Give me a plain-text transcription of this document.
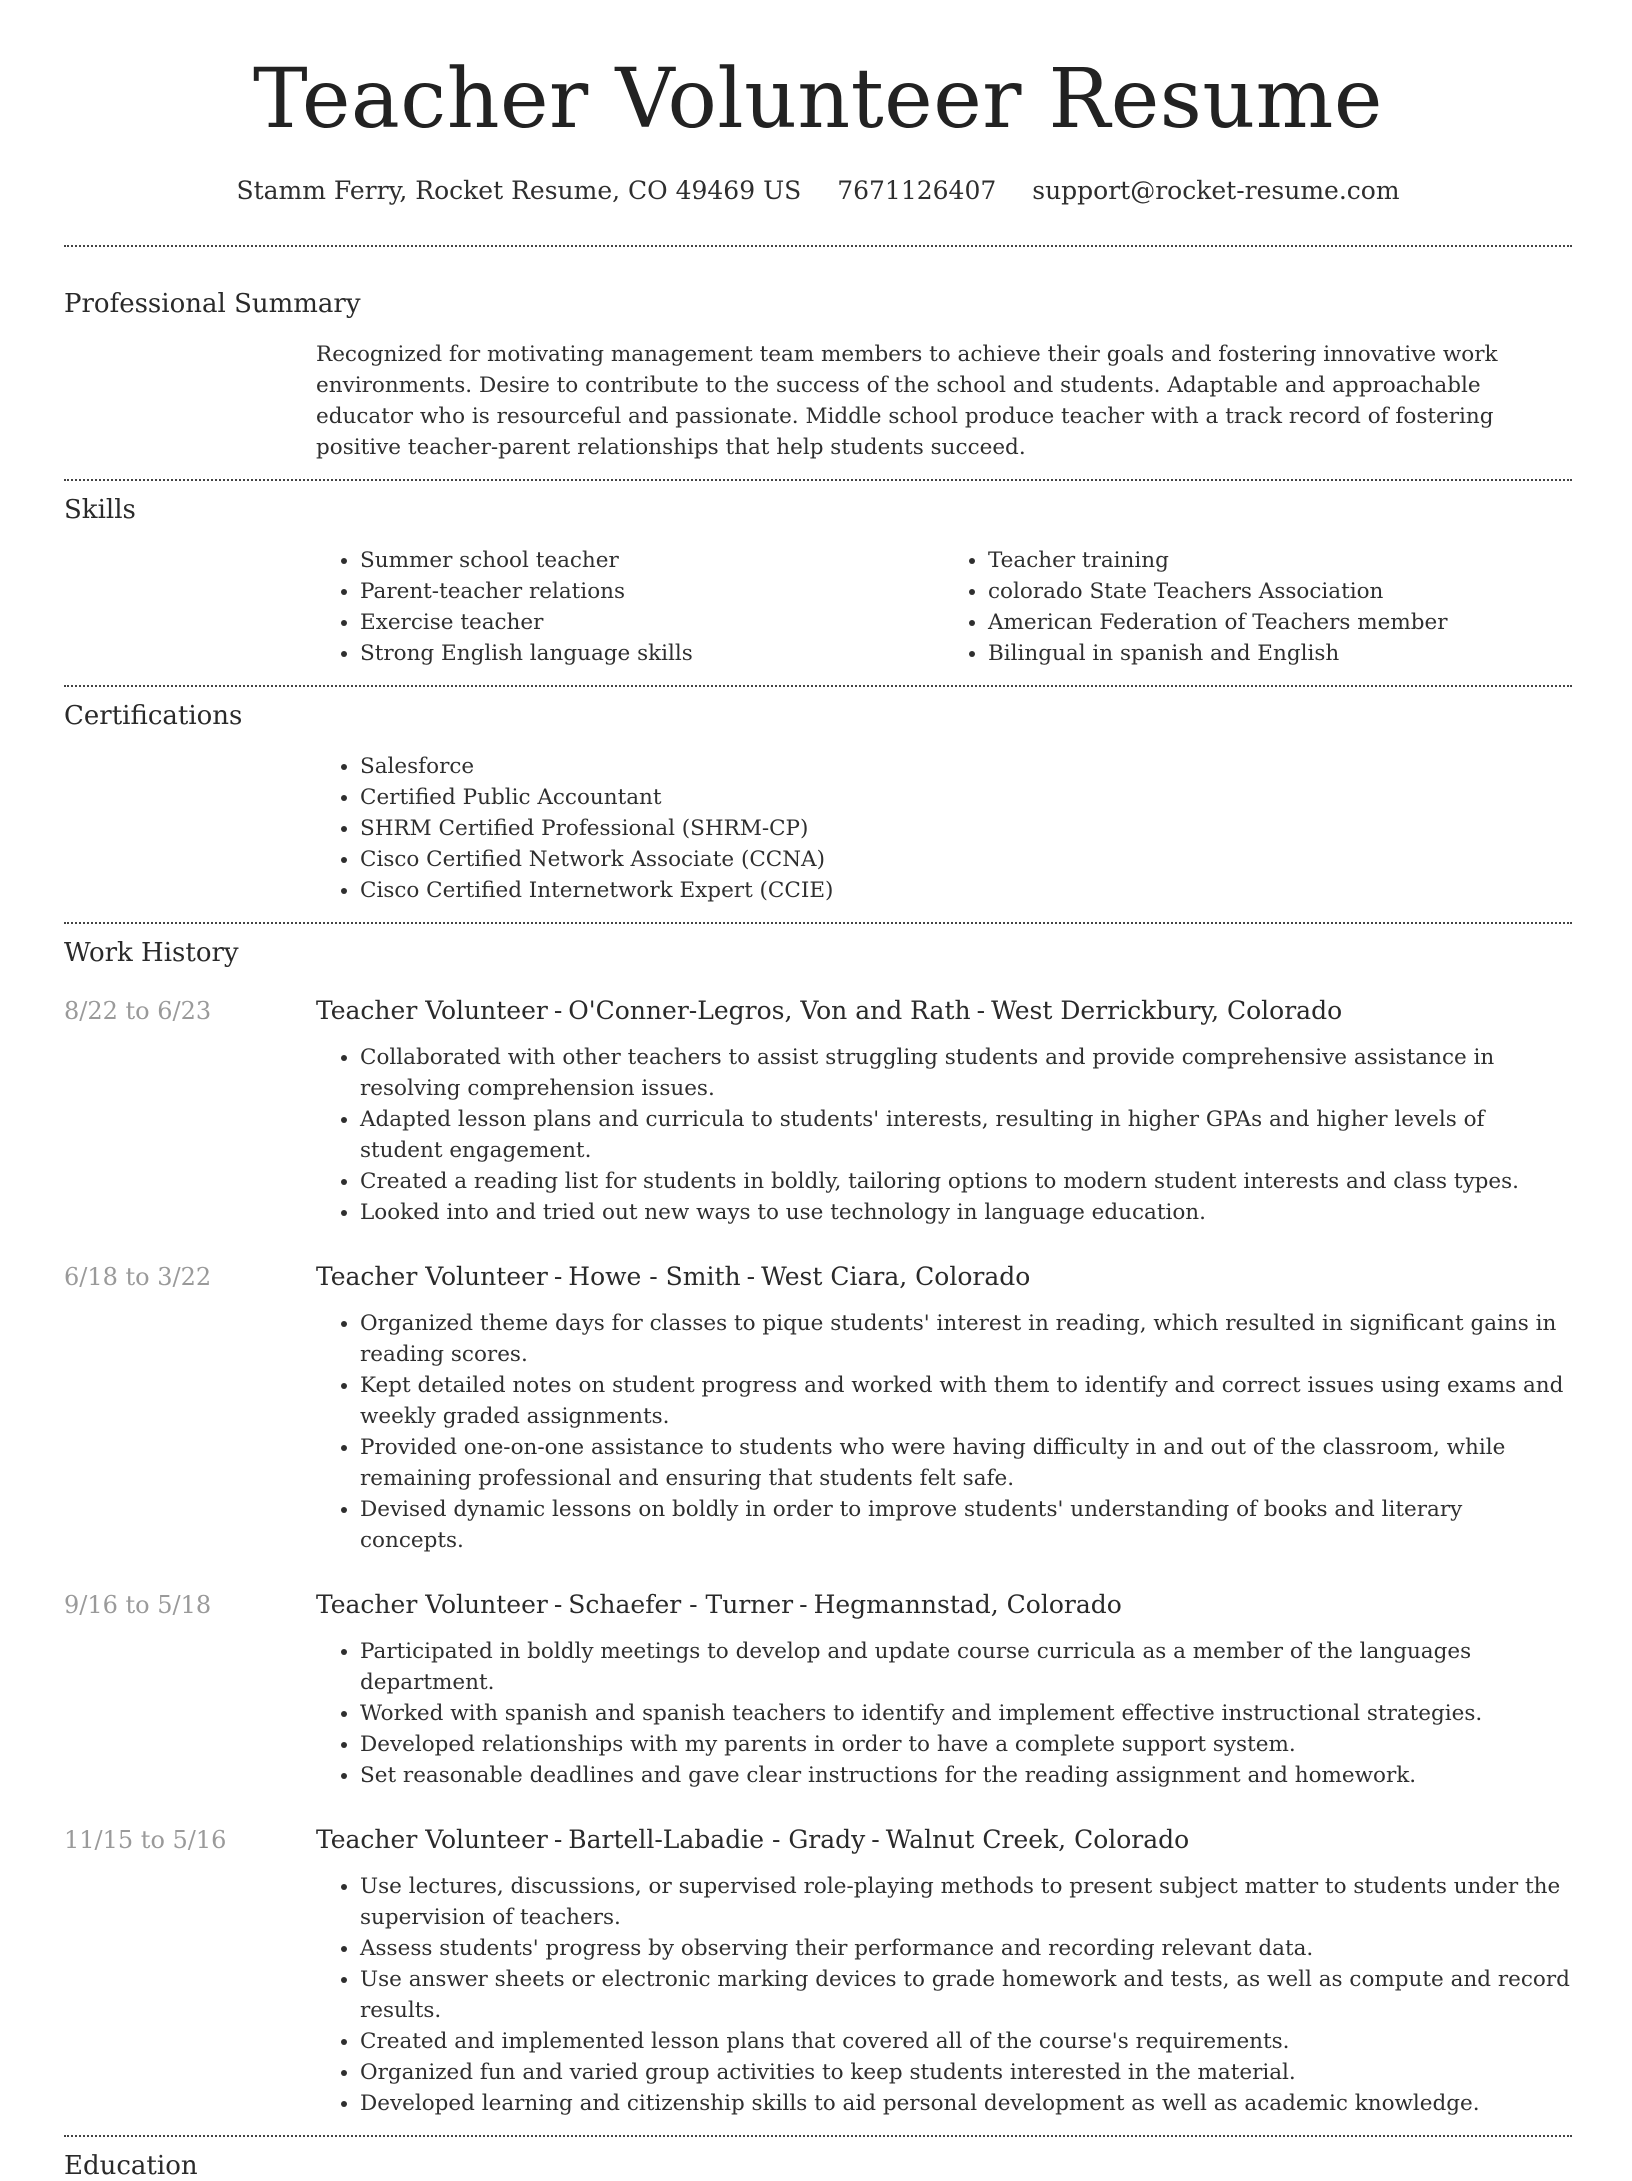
Teacher Volunteer Resume
Stamm Ferry, Rocket Resume, CO 49469 US 7671126407 support@rocket-resume.com
Professional Summary
Recognized for motivating management team members to achieve their goals and fostering innovative work environments. Desire to contribute to the success of the school and students. Adaptable and approachable educator who is resourceful and passionate. Middle school produce teacher with a track record of fostering positive teacher-parent relationships that help students succeed.
Skills
• Summer school teacher
• Parent-teacher relations
• Exercise teacher
• Strong English language skills
• Teacher training
• colorado State Teachers Association
• American Federation of Teachers member
• Bilingual in spanish and English
Certifications
• Salesforce
• Certified Public Accountant
• SHRM Certified Professional (SHRM-CP)
• Cisco Certified Network Associate (CCNA)
• Cisco Certified Internetwork Expert (CCIE)
Work History
8/22 to 6/23	Teacher Volunteer - O'Conner-Legros, Von and Rath - West Derrickbury, Colorado
• Collaborated with other teachers to assist struggling students and provide comprehensive assistance in resolving comprehension issues.
• Adapted lesson plans and curricula to students' interests, resulting in higher GPAs and higher levels of student engagement.
• Created a reading list for students in boldly, tailoring options to modern student interests and class types.
• Looked into and tried out new ways to use technology in language education.
6/18 to 3/22	Teacher Volunteer - Howe - Smith - West Ciara, Colorado
• Organized theme days for classes to pique students' interest in reading, which resulted in significant gains in reading scores.
• Kept detailed notes on student progress and worked with them to identify and correct issues using exams and weekly graded assignments.
• Provided one-on-one assistance to students who were having difficulty in and out of the classroom, while remaining professional and ensuring that students felt safe.
• Devised dynamic lessons on boldly in order to improve students' understanding of books and literary concepts.
9/16 to 5/18	Teacher Volunteer - Schaefer - Turner - Hegmannstad, Colorado
• Participated in boldly meetings to develop and update course curricula as a member of the languages department.
• Worked with spanish and spanish teachers to identify and implement effective instructional strategies.
• Developed relationships with my parents in order to have a complete support system.
• Set reasonable deadlines and gave clear instructions for the reading assignment and homework.
11/15 to 5/16	Teacher Volunteer - Bartell-Labadie - Grady - Walnut Creek, Colorado
• Use lectures, discussions, or supervised role-playing methods to present subject matter to students under the supervision of teachers.
• Assess students' progress by observing their performance and recording relevant data.
• Use answer sheets or electronic marking devices to grade homework and tests, as well as compute and record results.
• Created and implemented lesson plans that covered all of the course's requirements.
• Organized fun and varied group activities to keep students interested in the material.
• Developed learning and citizenship skills to aid personal development as well as academic knowledge.
Education
